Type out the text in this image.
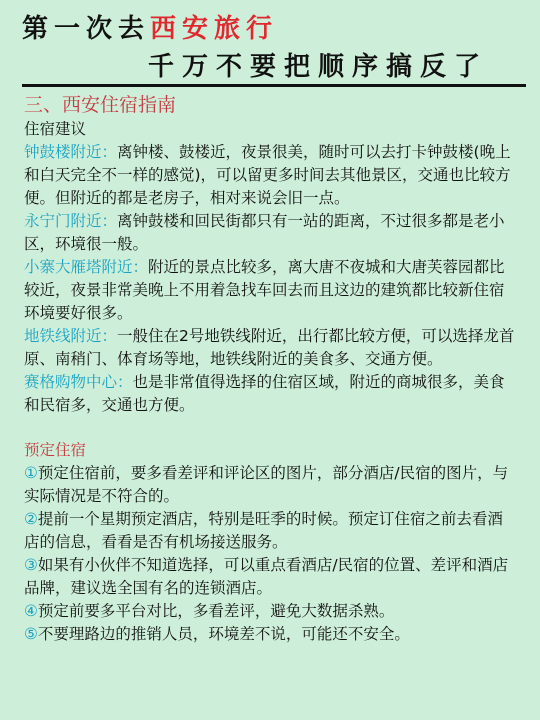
第一次去西安旅行
千万不要把顺序搞反了
三、西安住宿指南

住宿建议

钟鼓楼附近：离钟楼、鼓楼近，夜景很美，随时可以去打卡钟鼓楼(晚上和白天完全不一样的感觉)，可以留更多时间去其他景区，交通也比较方便。但附近的都是老房子，相对来说会旧一点。

永宁门附近：离钟鼓楼和回民街都只有一站的距离，不过很多都是老小区，环境很一般。

小寨大雁塔附近：附近的景点比较多，离大唐不夜城和大唐芙蓉园都比较近，夜景非常美晚上不用着急找车回去而且这边的建筑都比较新住宿环境要好很多。

地铁线附近：一般住在2号地铁线附近，出行都比较方便，可以选择龙首原、南稍门、体育场等地，地铁线附近的美食多、交通方便。

赛格购物中心：也是非常值得选择的住宿区域，附近的商城很多，美食和民宿多，交通也方便。

预定住宿

①预定住宿前，要多看差评和评论区的图片，部分酒店/民宿的图片，与实际情况是不符合的。

②提前一个星期预定酒店，特别是旺季的时候。预定订住宿之前去看酒店的信息，看看是否有机场接送服务。

③如果有小伙伴不知道选择，可以重点看酒店/民宿的位置、差评和酒店品牌，建议选全国有名的连锁酒店。

④预定前要多平台对比，多看差评，避免大数据杀熟。

⑤不要理路边的推销人员，环境差不说，可能还不安全。
